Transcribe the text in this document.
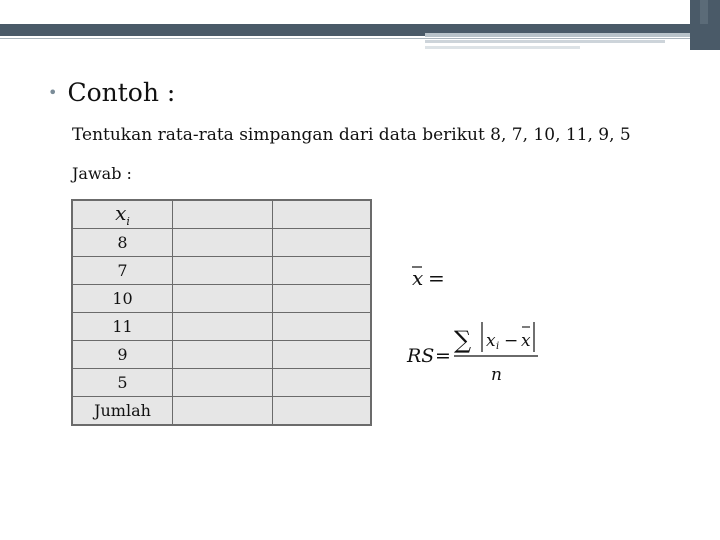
• Contoh :
Tentukan rata-rata simpangan dari data berikut 8, 7, 10, 11, 9, 5
Jawab :
$x_i$		
8		
7		
10		
11		
9		
5		
Jumlah		
x =
RS =
∑ x i − x
n
